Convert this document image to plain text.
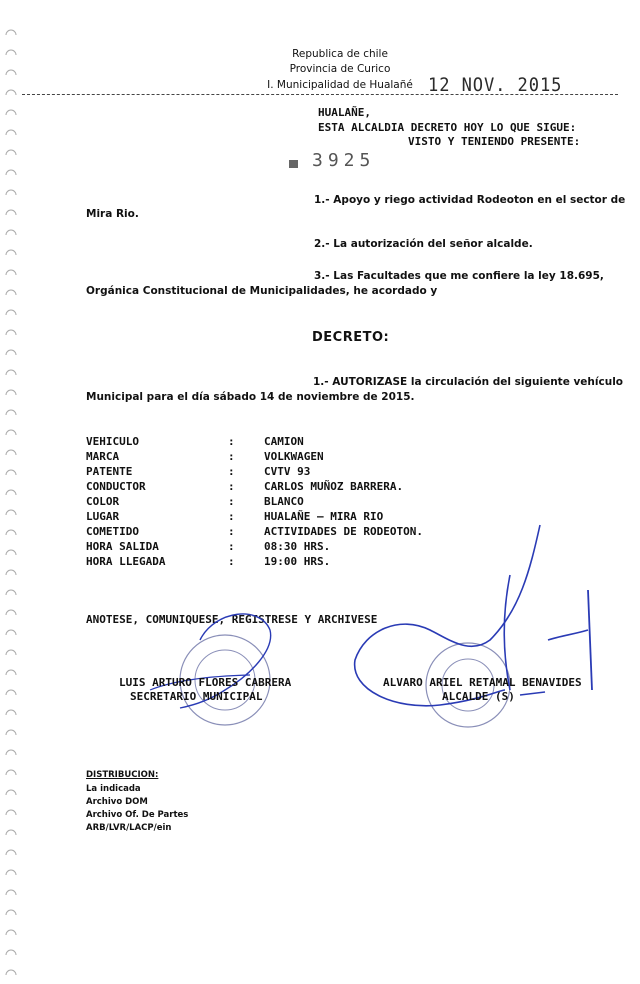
Republica de chile
Provincia de Curico
I. Municipalidad de Hualañé 12 NOV. 2015
HUALAÑE,
ESTA ALCALDIA DECRETO HOY LO QUE SIGUE:
VISTO Y TENIENDO PRESENTE:
3925
1.- Apoyo y riego actividad Rodeoton en el sector de
Mira Rio.
2.- La autorización del señor alcalde.
3.- Las Facultades que me confiere la ley 18.695,
Orgánica Constitucional de Municipalidades, he acordado y
DECRETO:
1.- AUTORIZASE la circulación del siguiente vehículo
Municipal para el día sábado 14 de noviembre de 2015.
VEHICULO	:	CAMION
MARCA	:	VOLKWAGEN
PATENTE	:	CVTV 93
CONDUCTOR	:	CARLOS MUÑOZ BARRERA.
COLOR	:	BLANCO
LUGAR	:	HUALAÑE – MIRA RIO
COMETIDO	:	ACTIVIDADES DE RODEOTON.
HORA SALIDA	:	08:30 HRS.
HORA LLEGADA	:	19:00 HRS.
ANOTESE, COMUNIQUESE, REGISTRESE Y ARCHIVESE
LUIS ARTURO FLORES CABRERA
SECRETARIO MUNICIPAL
ALVARO ARIEL RETAMAL BENAVIDES
ALCALDE (S)
DISTRIBUCION:
La indicada
Archivo DOM
Archivo Of. De Partes
ARB/LVR/LACP/ein
